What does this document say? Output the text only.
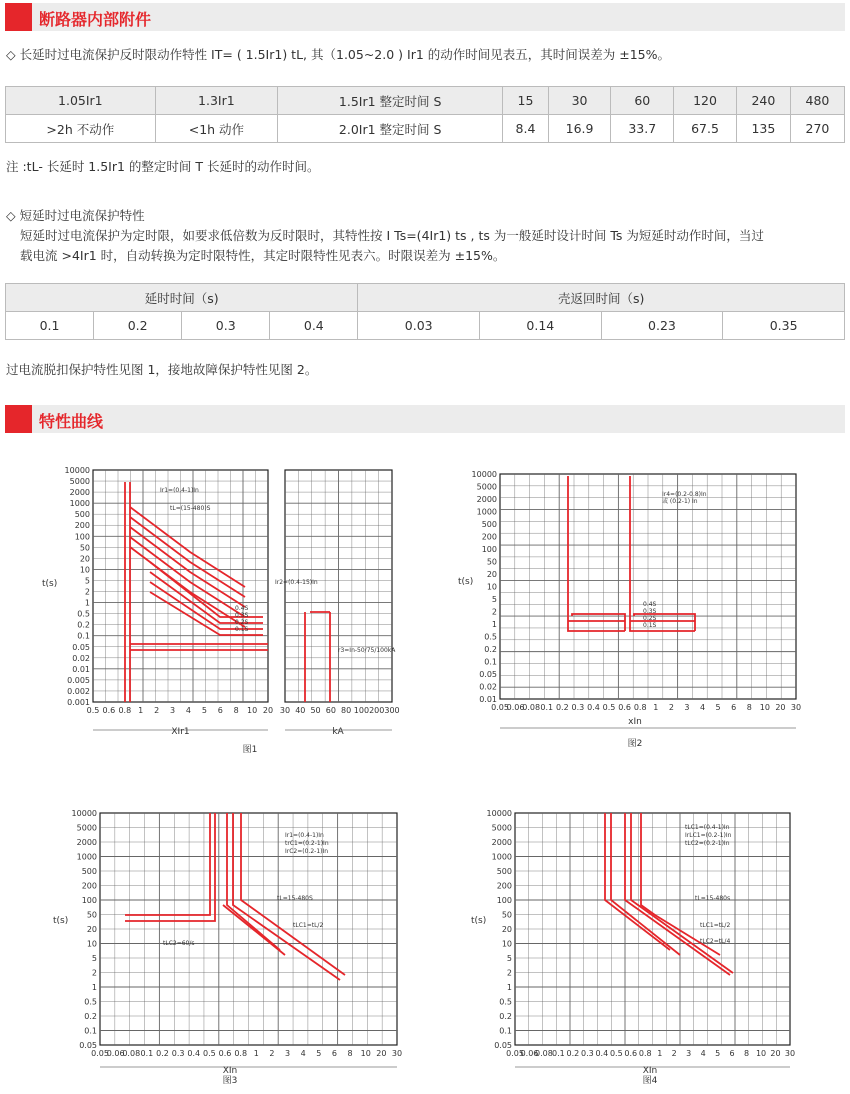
断路器内部附件
◇ 长延时过电流保护反时限动作特性 IT= ( 1.5Ir1) tL, 其（1.05~2.0 ) Ir1 的动作时间见表五，其时间误差为 ±15%。
1.05Ir1	1.3Ir1	1.5Ir1 整定时间 S	15	30	60	120	240	480
>2h 不动作	<1h 动作	2.0Ir1 整定时间 S	8.4	16.9	33.7	67.5	135	270
注 :tL- 长延时 1.5Ir1 的整定时间 T 长延时的动作时间。
◇ 短延时过电流保护特性
短延时过电流保护为定时限，如要求低倍数为反时限时，其特性按 I Ts=(4Ir1) ts , ts 为一般延时设计时间 Ts 为短延时动作时间，当过
载电流 >4Ir1 时，自动转换为定时限特性，其定时限特性见表六。时限误差为 ±15%。
延时时间（s)				壳返回时间（s)			
0.1	0.2	0.3	0.4	0.03	0.14	0.23	0.35
过电流脱扣保护特性见图 1，接地故障保护特性见图 2。
特性曲线
10000
5000
2000
1000
500
200
100
50
20
10
5
2
1
0.5
0.2
0.1
0.05
0.02
0.01
0.005
0.002
0.001
t(s)
0.5 0.6 0.8 1 2 3 4 5 6 8 10 20 30 40 50 60 80 100 200 300
XIr1	kA
图1
Ir1=(0.4-1)In
tL=(15-480)S
Ir2=(0.4-15)In
0.4S
0.3S
0.2S
0.1S
r3=In-50/75/100kA
10000
5000
2000
1000
500
200
100
50
20
10
5
2
1
0.5
0.2
0.1
0.05
0.02
0.01
t(s)
0.05
0.06
0.08 0.1 0.2 0.3 0.4 0.5 0.6 0.8 1 2 3 4 5 6 8 10 20 30
xIn
图2
Ir4=(0.2-0.8)In
或 (0.2-1) In
0.4S
0.3S
0.2S
0.1S
10000
5000
2000
1000
500
200
100
50
20
10
5
2
1
0.5
0.2
0.1
0.05
t(s)
0.05
0.06
0.08 0.1 0.2 0.3 0.4 0.5 0.6 0.8 1 2 3 4 5 6 8 10 20 30
XIn
图3
Ir1=(0.4-1)In
trC1=(0.2-1)In
IrC2=(0.2-1)In
tL=15-480S
tLC1=tL/2
tLC2=60/s
10000
5000
2000
1000
500
200
100
50
20
10
5
2
1
0.5
0.2
0.1
0.05
t(s)
0.05
0.06
0.08 0.1 0.2 0.3 0.4 0.5 0.6 0.8 1 2 3 4 5 6 8 10 20 30
XIn
图4
tLC1=(0.4-1)In
IrLC1=(0.2-1)In
tLC2=(0.2-1)In
tL=15-480s
tLC1=tL/2
tLC2=tL/4
